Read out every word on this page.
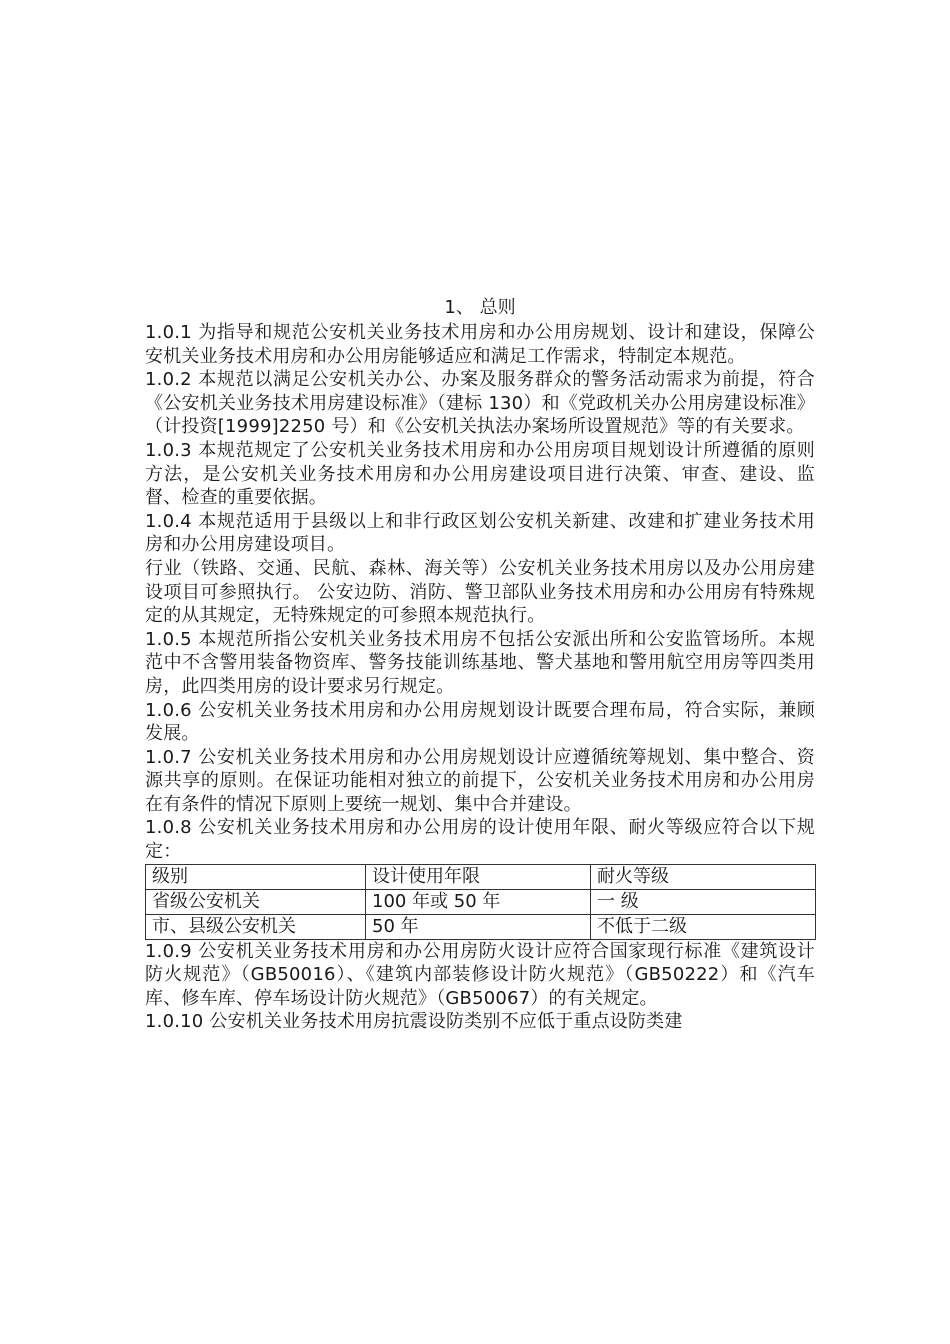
1、 总则

1.0.1 为指导和规范公安机关业务技术用房和办公用房规划、设计和建设，保障公安机关业务技术用房和办公用房能够适应和满足工作需求，特制定本规范。

1.0.2 本规范以满足公安机关办公、办案及服务群众的警务活动需求为前提，符合《公安机关业务技术用房建设标准》（建标 130）和《党政机关办公用房建设标准》（计投资[1999]2250 号）和《公安机关执法办案场所设置规范》等的有关要求。

1.0.3 本规范规定了公安机关业务技术用房和办公用房项目规划设计所遵循的原则方法，是公安机关业务技术用房和办公用房建设项目进行决策、审查、建设、监督、检查的重要依据。

1.0.4 本规范适用于县级以上和非行政区划公安机关新建、改建和扩建业务技术用房和办公用房建设项目。

行业（铁路、交通、民航、森林、海关等）公安机关业务技术用房以及办公用房建设项目可参照执行。 公安边防、消防、警卫部队业务技术用房和办公用房有特殊规定的从其规定，无特殊规定的可参照本规范执行。

1.0.5 本规范所指公安机关业务技术用房不包括公安派出所和公安监管场所。本规范中不含警用装备物资库、警务技能训练基地、警犬基地和警用航空用房等四类用房，此四类用房的设计要求另行规定。

1.0.6 公安机关业务技术用房和办公用房规划设计既要合理布局，符合实际，兼顾发展。

1.0.7 公安机关业务技术用房和办公用房规划设计应遵循统筹规划、集中整合、资源共享的原则。在保证功能相对独立的前提下，公安机关业务技术用房和办公用房在有条件的情况下原则上要统一规划、集中合并建设。

1.0.8 公安机关业务技术用房和办公用房的设计使用年限、耐火等级应符合以下规定：

级别	设计使用年限	耐火等级
省级公安机关	100 年或 50 年	一 级
市、县级公安机关	50 年	不低于二级

1.0.9 公安机关业务技术用房和办公用房防火设计应符合国家现行标准《建筑设计防火规范》（GB50016）、《建筑内部装修设计防火规范》（GB50222）和《汽车库、修车库、停车场设计防火规范》（GB50067）的有关规定。

1.0.10 公安机关业务技术用房抗震设防类别不应低于重点设防类建
